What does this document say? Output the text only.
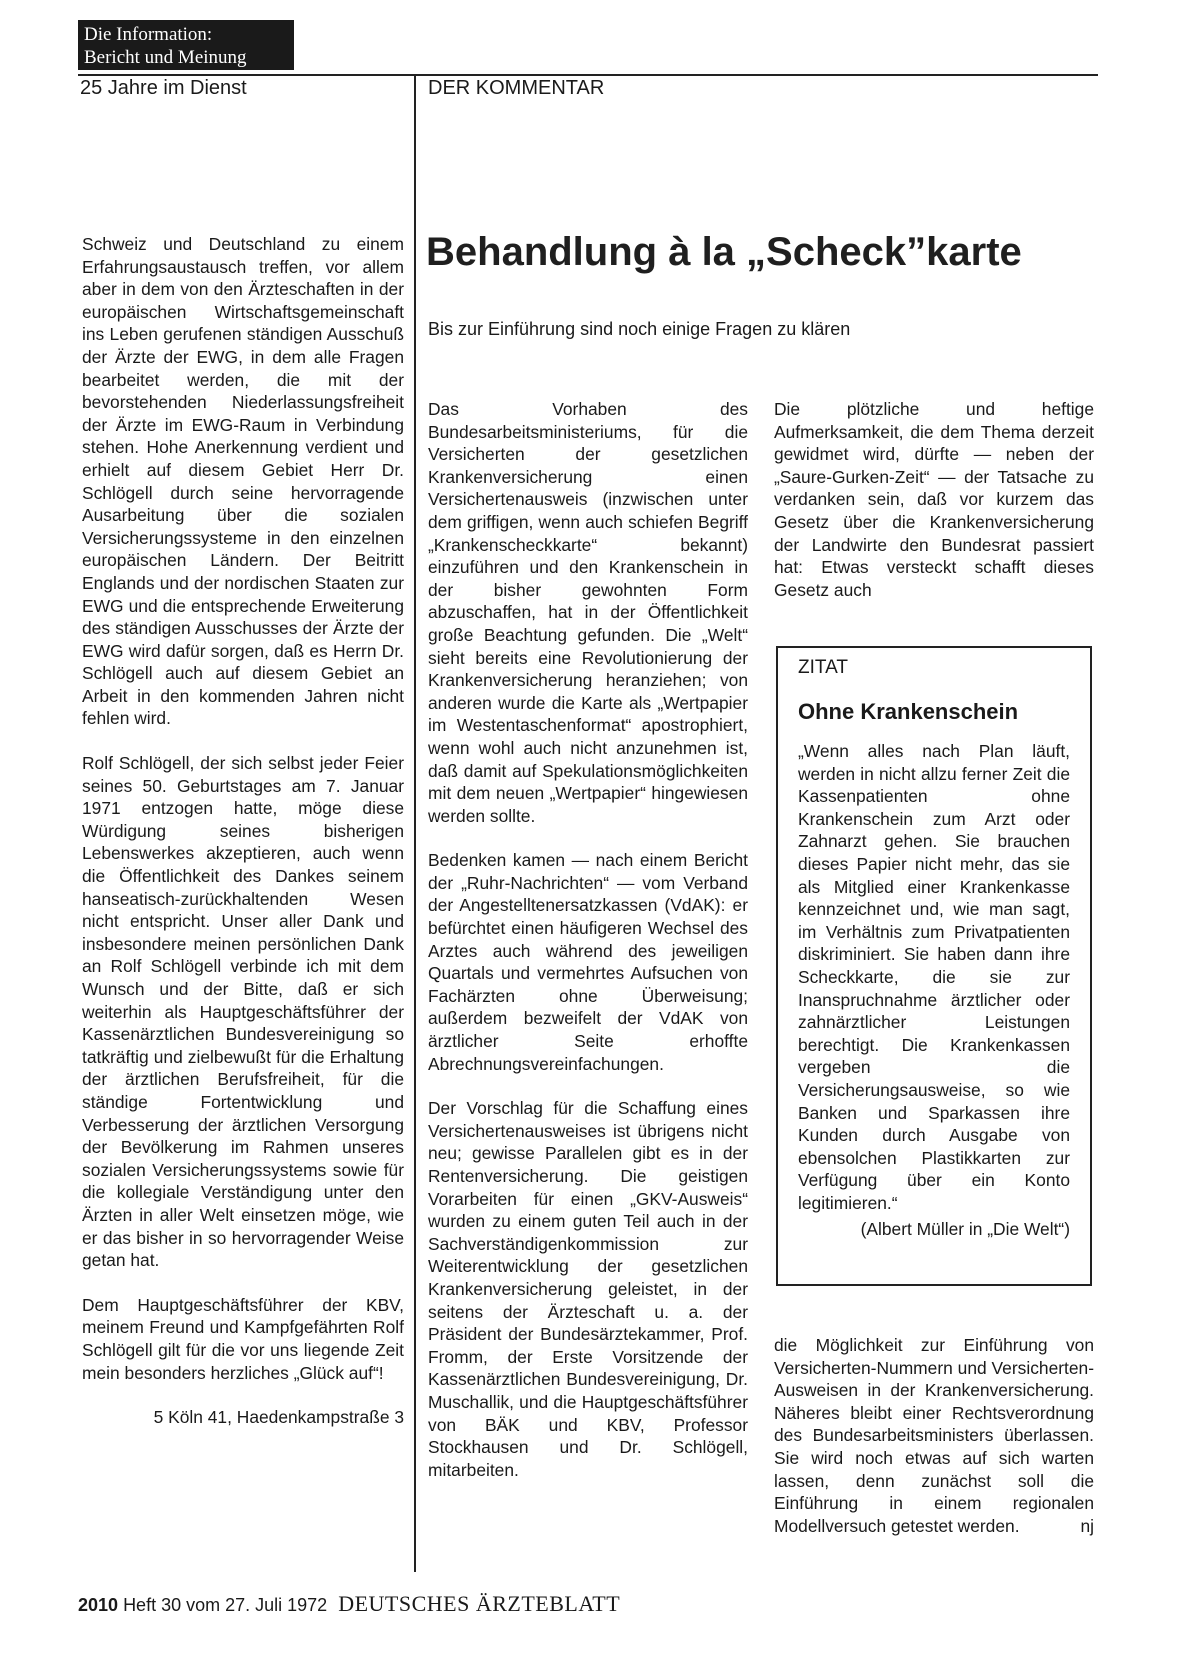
Die Information:
Bericht und Meinung
25 Jahre im Dienst	DER KOMMENTAR

Schweiz und Deutschland zu einem Erfahrungsaustausch treffen, vor allem aber in dem von den Ärzteschaften in der europäischen Wirtschaftsgemeinschaft ins Leben gerufenen ständigen Ausschuß der Ärzte der EWG, in dem alle Fragen bearbeitet werden, die mit der bevorstehenden Niederlassungsfreiheit der Ärzte im EWG-Raum in Verbindung stehen. Hohe Anerkennung verdient und erhielt auf diesem Gebiet Herr Dr. Schlögell durch seine hervorragende Ausarbeitung über die sozialen Versicherungssysteme in den einzelnen europäischen Ländern. Der Beitritt Englands und der nordischen Staaten zur EWG und die entsprechende Erweiterung des ständigen Ausschusses der Ärzte der EWG wird dafür sorgen, daß es Herrn Dr. Schlögell auch auf diesem Gebiet an Arbeit in den kommenden Jahren nicht fehlen wird.

Rolf Schlögell, der sich selbst jeder Feier seines 50. Geburtstages am 7. Januar 1971 entzogen hatte, möge diese Würdigung seines bisherigen Lebenswerkes akzeptieren, auch wenn die Öffentlichkeit des Dankes seinem hanseatisch-zurückhaltenden Wesen nicht entspricht. Unser aller Dank und insbesondere meinen persönlichen Dank an Rolf Schlögell verbinde ich mit dem Wunsch und der Bitte, daß er sich weiterhin als Hauptgeschäftsführer der Kassenärztlichen Bundesvereinigung so tatkräftig und zielbewußt für die Erhaltung der ärztlichen Berufsfreiheit, für die ständige Fortentwicklung und Verbesserung der ärztlichen Versorgung der Bevölkerung im Rahmen unseres sozialen Versicherungssystems sowie für die kollegiale Verständigung unter den Ärzten in aller Welt einsetzen möge, wie er das bisher in so hervorragender Weise getan hat.

Dem Hauptgeschäftsführer der KBV, meinem Freund und Kampfgefährten Rolf Schlögell gilt für die vor uns liegende Zeit mein besonders herzliches „Glück auf“!

5 Köln 41, Haedenkampstraße 3
Behandlung à la „Scheck”karte
Bis zur Einführung sind noch einige Fragen zu klären

Das Vorhaben des Bundesarbeitsministeriums, für die Versicherten der gesetzlichen Krankenversicherung einen Versichertenausweis (inzwischen unter dem griffigen, wenn auch schiefen Begriff „Krankenscheckkarte“ bekannt) einzuführen und den Krankenschein in der bisher gewohnten Form abzuschaffen, hat in der Öffentlichkeit große Beachtung gefunden. Die „Welt“ sieht bereits eine Revolutionierung der Krankenversicherung heranziehen; von anderen wurde die Karte als „Wertpapier im Westentaschenformat“ apostrophiert, wenn wohl auch nicht anzunehmen ist, daß damit auf Spekulationsmöglichkeiten mit dem neuen „Wertpapier“ hingewiesen werden sollte.

Bedenken kamen — nach einem Bericht der „Ruhr-Nachrichten“ — vom Verband der Angestelltenersatzkassen (VdAK): er befürchtet einen häufigeren Wechsel des Arztes auch während des jeweiligen Quartals und vermehrtes Aufsuchen von Fachärzten ohne Überweisung; außerdem bezweifelt der VdAK von ärztlicher Seite erhoffte Abrechnungsvereinfachungen.

Der Vorschlag für die Schaffung eines Versichertenausweises ist übrigens nicht neu; gewisse Parallelen gibt es in der Rentenversicherung. Die geistigen Vorarbeiten für einen „GKV-Ausweis“ wurden zu einem guten Teil auch in der Sachverständigenkommission zur Weiterentwicklung der gesetzlichen Krankenversicherung geleistet, in der seitens der Ärzteschaft u. a. der Präsident der Bundesärztekammer, Prof. Fromm, der Erste Vorsitzende der Kassenärztlichen Bundesvereinigung, Dr. Muschallik, und die Hauptgeschäftsführer von BÄK und KBV, Professor Stockhausen und Dr. Schlögell, mitarbeiten.

Die plötzliche und heftige Aufmerksamkeit, die dem Thema derzeit gewidmet wird, dürfte — neben der „Saure-Gurken-Zeit“ — der Tatsache zu verdanken sein, daß vor kurzem das Gesetz über die Krankenversicherung der Landwirte den Bundesrat passiert hat: Etwas versteckt schafft dieses Gesetz auch
ZITAT
Ohne Krankenschein

„Wenn alles nach Plan läuft, werden in nicht allzu ferner Zeit die Kassenpatienten ohne Krankenschein zum Arzt oder Zahnarzt gehen. Sie brauchen dieses Papier nicht mehr, das sie als Mitglied einer Krankenkasse kennzeichnet und, wie man sagt, im Verhältnis zum Privatpatienten diskriminiert. Sie haben dann ihre Scheckkarte, die sie zur Inanspruchnahme ärztlicher oder zahnärztlicher Leistungen berechtigt. Die Krankenkassen vergeben die Versicherungsausweise, so wie Banken und Sparkassen ihre Kunden durch Ausgabe von ebensolchen Plastikkarten zur Verfügung über ein Konto legitimieren.“

(Albert Müller in „Die Welt“)

die Möglichkeit zur Einführung von Versicherten-Nummern und Versicherten-Ausweisen in der Krankenversicherung. Näheres bleibt einer Rechtsverordnung des Bundesarbeitsministers überlassen. Sie wird noch etwas auf sich warten lassen, denn zunächst soll die Einführung in einem regionalen Modellversuch getestet werden.	nj
2010 Heft 30 vom 27. Juli 1972 DEUTSCHES ÄRZTEBLATT
